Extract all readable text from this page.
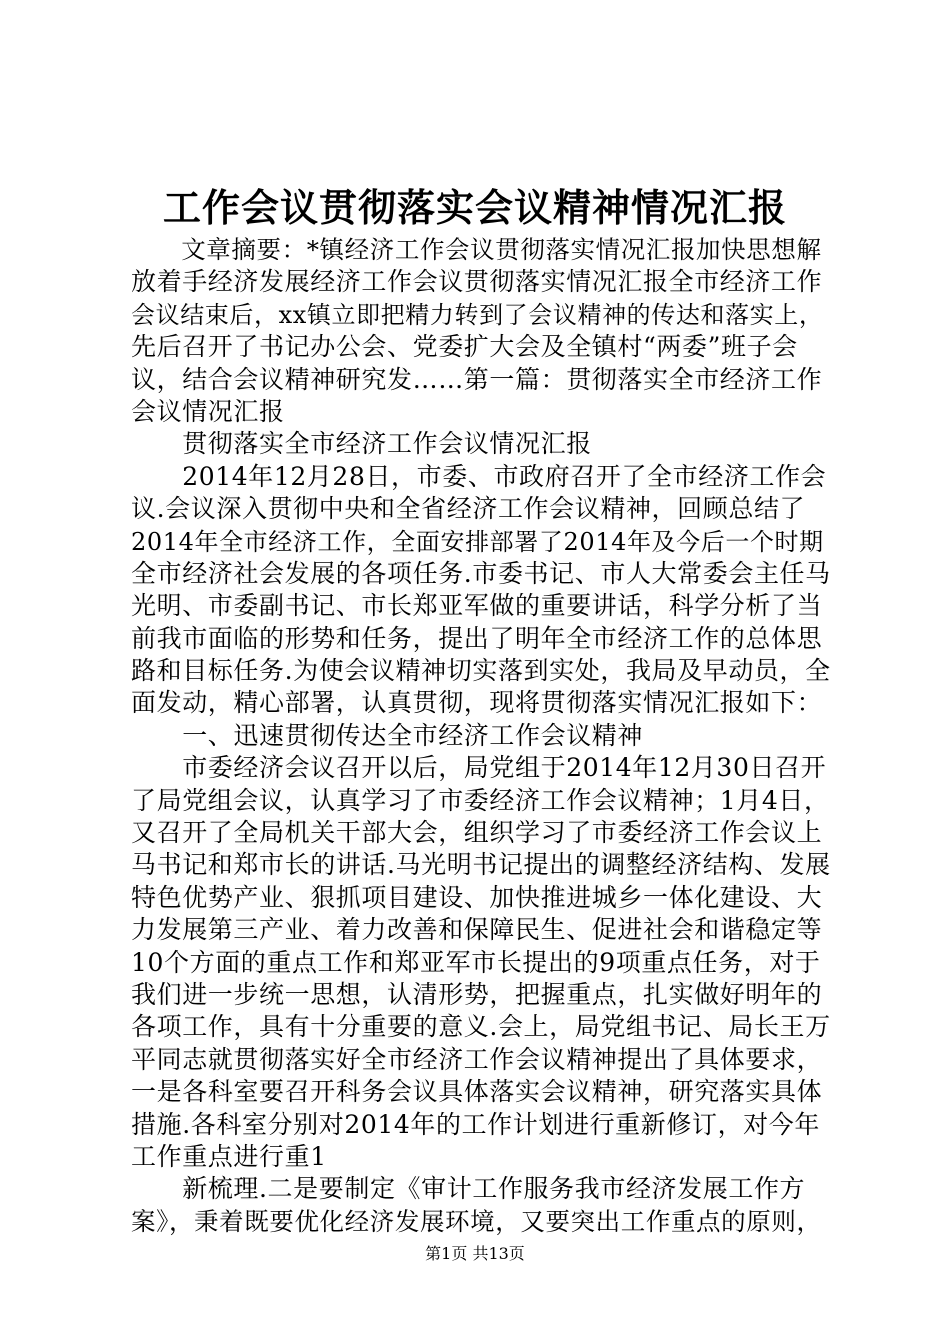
工作会议贯彻落实会议精神情况汇报
　　文章摘要：*镇经济工作会议贯彻落实情况汇报加快思想解
放着手经济发展经济工作会议贯彻落实情况汇报全市经济工作
会议结束后，xx镇立即把精力转到了会议精神的传达和落实上，
先后召开了书记办公会、党委扩大会及全镇村“两委”班子会
议，结合会议精神研究发……第一篇：贯彻落实全市经济工作
会议情况汇报
　　贯彻落实全市经济工作会议情况汇报
　　2014年12月28日，市委、市政府召开了全市经济工作会
议.会议深入贯彻中央和全省经济工作会议精神，回顾总结了
2014年全市经济工作，全面安排部署了2014年及今后一个时期
全市经济社会发展的各项任务.市委书记、市人大常委会主任马
光明、市委副书记、市长郑亚军做的重要讲话，科学分析了当
前我市面临的形势和任务，提出了明年全市经济工作的总体思
路和目标任务.为使会议精神切实落到实处，我局及早动员，全
面发动，精心部署，认真贯彻，现将贯彻落实情况汇报如下：
　　一、迅速贯彻传达全市经济工作会议精神
　　市委经济会议召开以后，局党组于2014年12月30日召开
了局党组会议，认真学习了市委经济工作会议精神；1月4日，
又召开了全局机关干部大会，组织学习了市委经济工作会议上
马书记和郑市长的讲话.马光明书记提出的调整经济结构、发展
特色优势产业、狠抓项目建设、加快推进城乡一体化建设、大
力发展第三产业、着力改善和保障民生、促进社会和谐稳定等
10个方面的重点工作和郑亚军市长提出的9项重点任务，对于
我们进一步统一思想，认清形势，把握重点，扎实做好明年的
各项工作，具有十分重要的意义.会上，局党组书记、局长王万
平同志就贯彻落实好全市经济工作会议精神提出了具体要求，
一是各科室要召开科务会议具体落实会议精神，研究落实具体
措施.各科室分别对2014年的工作计划进行重新修订，对今年
工作重点进行重1
　　新梳理.二是要制定《审计工作服务我市经济发展工作方
案》，秉着既要优化经济发展环境，又要突出工作重点的原则，
第1页 共13页
